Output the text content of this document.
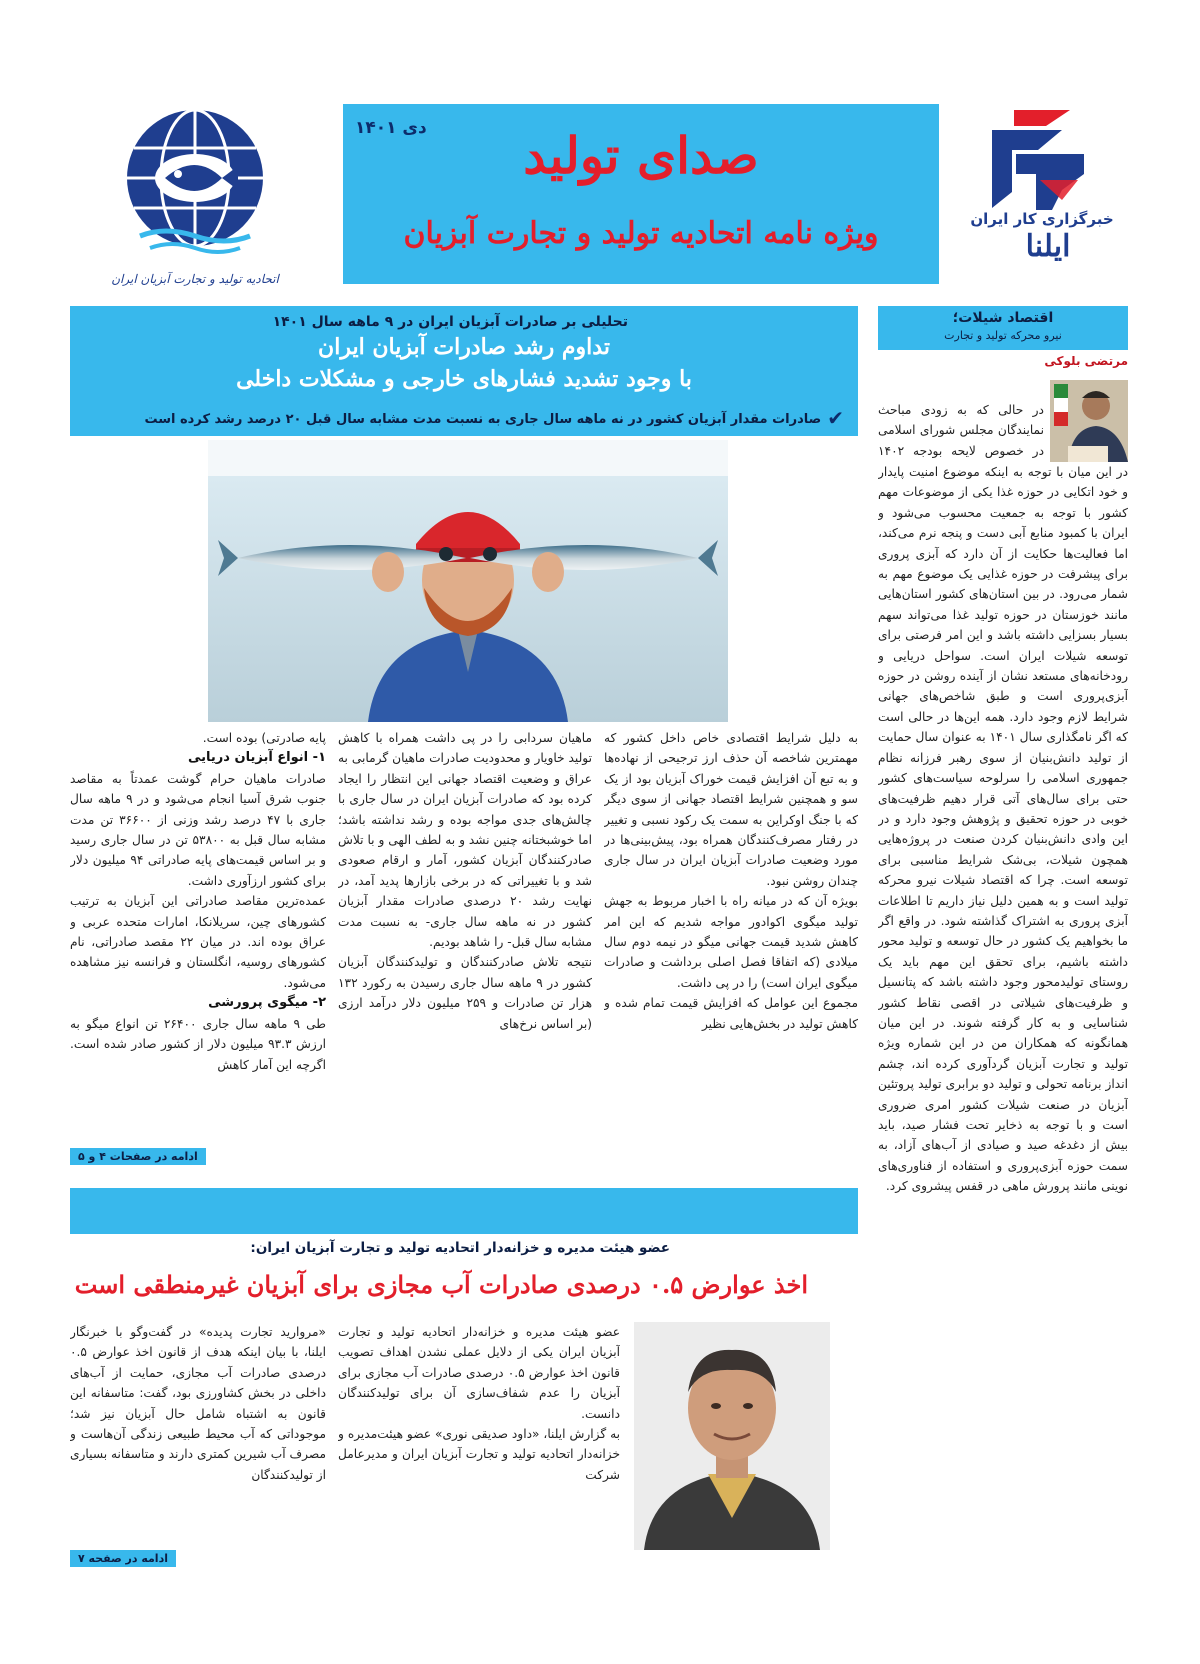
خبرگزاری کار ایران
ایلنا
دی ۱۴۰۱	صدای تولید
ویژه نامه اتحادیه تولید و تجارت آبزیان
اتحادیه تولید و تجارت آبزیان ایران
اقتصاد شیلات؛
نیرو محرکه تولید و تجارت
مرتضی بلوکی

در حالی که به زودی مباحث نمایندگان مجلس شورای اسلامی در خصوص لایحه بودجه ۱۴۰۲

در این میان با توجه به اینکه موضوع امنیت پایدار و خود اتکایی در حوزه غذا یکی از موضوعات مهم کشور با توجه به جمعیت محسوب می‌شود و ایران با کمبود منابع آبی دست و پنجه نرم می‌کند، اما فعالیت‌ها حکایت از آن دارد که آبزی پروری برای پیشرفت در حوزه غذایی یک موضوع مهم به شمار می‌رود. در بین استان‌های کشور استان‌هایی مانند خوزستان در حوزه تولید غذا می‌تواند سهم بسیار بسزایی داشته باشد و این امر فرصتی برای توسعه شیلات ایران است. سواحل دریایی و رودخانه‌های مستعد نشان از آینده روشن در حوزه آبزی‌پروری است و طبق شاخص‌های جهانی شرایط لازم وجود دارد. همه این‌ها در حالی است که اگر نامگذاری سال ۱۴۰۱ به عنوان سال حمایت از تولید دانش‌بنیان از سوی رهبر فرزانه نظام جمهوری اسلامی را سرلوحه سیاست‌های کشور حتی برای سال‌های آتی قرار دهیم ظرفیت‌های خوبی در حوزه تحقیق و پژوهش وجود دارد و در این وادی دانش‌بنیان کردن صنعت در پروژه‌هایی همچون شیلات، بی‌شک شرایط مناسبی برای توسعه است. چرا که اقتصاد شیلات نیرو محرکه تولید است و به همین دلیل نیاز داریم تا اطلاعات آبزی پروری به اشتراک گذاشته شود. در واقع اگر ما بخواهیم یک کشور در حال توسعه و تولید محور داشته باشیم، برای تحقق این مهم باید یک روستای تولیدمحور وجود داشته باشد که پتانسیل و ظرفیت‌های شیلاتی در اقصی نقاط کشور شناسایی و به کار گرفته شوند. در این میان همانگونه که همکاران من در این شماره ویژه تولید و تجارت آبزیان گردآوری کرده اند، چشم انداز برنامه تحولی و تولید دو برابری تولید پروتئین آبزیان در صنعت شیلات کشور امری ضروری است و با توجه به ذخایر تحت فشار صید، باید بیش از دغدغه صید و صیادی از آب‌های آزاد، به سمت حوزه آبزی‌پروری و استفاده از فناوری‌های نوینی مانند پرورش ماهی در قفس پیشروی کرد.

تحلیلی بر صادرات آبزیان ایران در ۹ ماهه سال ۱۴۰۱
تداوم رشد صادرات آبزیان ایران
با وجود تشدید فشارهای خارجی و مشکلات داخلی
✔صادرات مقدار آبزیان کشور در نه ماهه سال جاری به نسبت مدت مشابه سال قبل ۲۰ درصد رشد کرده است

به دلیل شرایط اقتصادی خاص داخل کشور که مهمترین شاخصه آن حذف ارز ترجیحی از نهاده‌ها و به تبع آن افزایش قیمت خوراک آبزیان بود از یک سو و همچنین شرایط اقتصاد جهانی از سوی دیگر که با جنگ اوکراین به سمت یک رکود نسبی و تغییر در رفتار مصرف‌کنندگان همراه بود، پیش‌بینی‌ها در مورد وضعیت صادرات آبزیان ایران در سال جاری چندان روشن نبود.

بویژه آن که در میانه راه با اخبار مربوط به جهش تولید میگوی اکوادور مواجه شدیم که این امر کاهش شدید قیمت جهانی میگو در نیمه دوم سال میلادی (که اتفاقا فصل اصلی برداشت و صادرات میگوی ایران است) را در پی داشت.

مجموع این عوامل که افزایش قیمت تمام شده و کاهش تولید در بخش‌هایی نظیر

ماهیان سردابی را در پی داشت همراه با کاهش تولید خاویار و محدودیت صادرات ماهیان گرمابی به عراق و وضعیت اقتصاد جهانی این انتظار را ایجاد کرده بود که صادرات آبزیان ایران در سال جاری با چالش‌های جدی مواجه بوده و رشد نداشته باشد؛ اما خوشبختانه چنین نشد و به لطف الهی و با تلاش صادرکنندگان آبزیان کشور، آمار و ارقام صعودی شد و با تغییراتی که در برخی بازارها پدید آمد، در نهایت رشد ۲۰ درصدی صادرات مقدار آبزیان کشور در نه ماهه سال جاری- به نسبت مدت مشابه سال قبل- را شاهد بودیم.

نتیجه تلاش صادرکنندگان و تولیدکنندگان آبزیان کشور در ۹ ماهه سال جاری رسیدن به رکورد ۱۳۲ هزار تن صادرات و ۲۵۹ میلیون دلار درآمد ارزی (بر اساس نرخ‌های

پایه صادرتی) بوده است.

۱- انواع آبزیان دریایی

صادرات ماهیان حرام گوشت عمدتاً به مقاصد جنوب شرق آسیا انجام می‌شود و در ۹ ماهه سال جاری با ۴۷ درصد رشد وزنی از ۳۶۶۰۰ تن مدت مشابه سال قبل به ۵۳۸۰۰ تن در سال جاری رسید و بر اساس قیمت‌های پایه صادراتی ۹۴ میلیون دلار برای کشور ارزآوری داشت.

عمده‌ترین مقاصد صادراتی این آبزیان به ترتیب کشورهای چین، سریلانکا، امارات متحده عربی و عراق بوده اند. در میان ۲۲ مقصد صادراتی، نام کشورهای روسیه، انگلستان و فرانسه نیز مشاهده می‌شود.

۲- میگوی پرورشی

طی ۹ ماهه سال جاری ۲۶۴۰۰ تن انواع میگو به ارزش ۹۳.۳ میلیون دلار از کشور صادر شده است. اگرچه این آمار کاهش

ادامه در صفحات ۴ و ۵
عضو هیئت مدیره و خزانه‌دار اتحادیه تولید و تجارت آبزیان ایران:
اخذ عوارض ۰.۵ درصدی صادرات آب مجازی برای آبزیان غیرمنطقی است

عضو هیئت مدیره و خزانه‌دار اتحادیه تولید و تجارت آبزیان ایران یکی از دلایل عملی نشدن اهداف تصویب قانون اخذ عوارض ۰.۵ درصدی صادرات آب مجازی برای آبزیان را عدم شفاف‌سازی آن برای تولیدکنندگان دانست.

به گزارش ایلنا، «داود صدیقی نوری» عضو هیئت‌مدیره و خزانه‌دار اتحادیه تولید و تجارت آبزیان ایران و مدیرعامل شرکت

«مروارید تجارت پدیده» در گفت‌وگو با خبرنگار ایلنا، با بیان اینکه هدف از قانون اخذ عوارض ۰.۵ درصدی صادرات آب مجازی، حمایت از آب‌های داخلی در بخش کشاورزی بود، گفت: متاسفانه این قانون به اشتباه شامل حال آبزیان نیز شد؛ موجوداتی که آب محیط طبیعی زندگی آن‌هاست و مصرف آب شیرین کمتری دارند و متاسفانه بسیاری از تولیدکنندگان

ادامه در صفحه ۷
